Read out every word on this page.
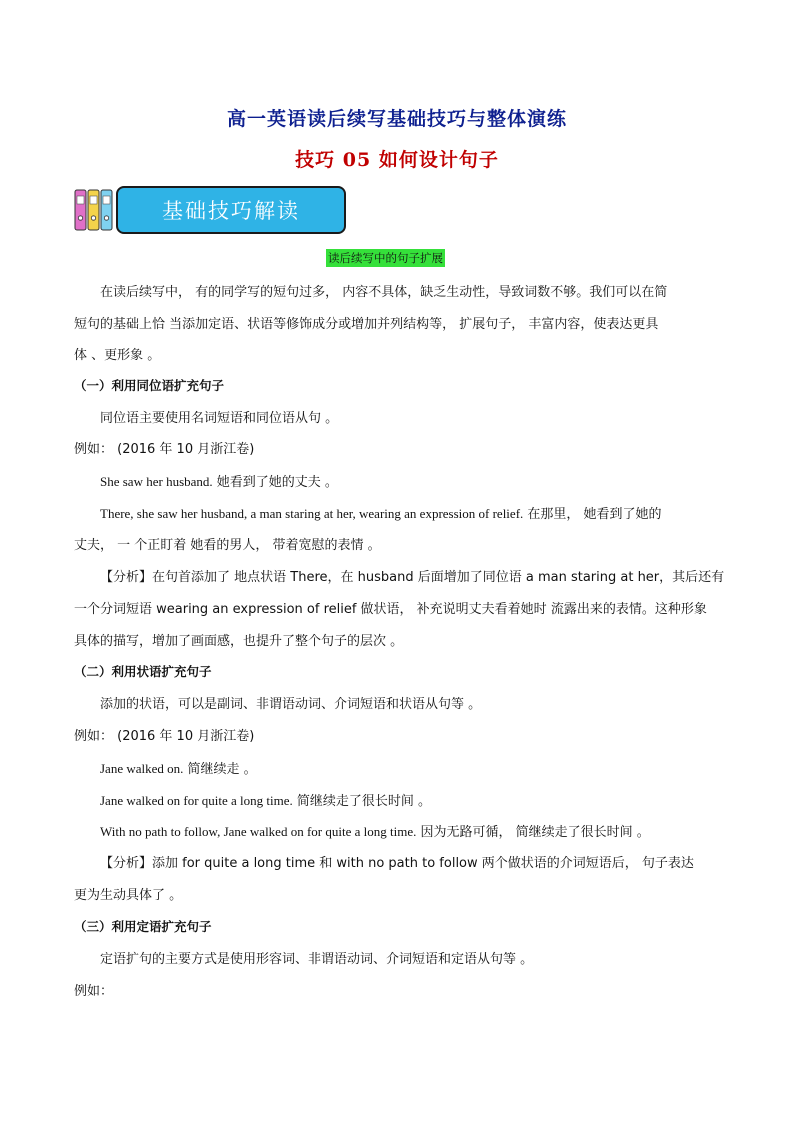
高一英语读后续写基础技巧与整体演练
技巧 05 如何设计句子
基础技巧解读
读后续写中的句子扩展
在读后续写中， 有的同学写的短句过多， 内容不具体，缺乏生动性，导致词数不够。我们可以在简
短句的基础上恰 当添加定语、状语等修饰成分或增加并列结构等， 扩展句子， 丰富内容，使表达更具
体 、更形象 。
（一）利用同位语扩充句子
同位语主要使用名词短语和同位语从句 。
例如： (2016 年 10 月浙江卷)
She saw her husband. 她看到了她的丈夫 。
There, she saw her husband, a man staring at her, wearing an expression of relief. 在那里， 她看到了她的
丈夫， 一 个正盯着 她看的男人， 带着宽慰的表情 。
【分析】在句首添加了 地点状语 There，在 husband 后面增加了同位语 a man staring at her，其后还有
一个分词短语 wearing an expression of relief 做状语， 补充说明丈夫看着她时 流露出来的表情。这种形象
具体的描写，增加了画面感，也提升了整个句子的层次 。
（二）利用状语扩充句子
添加的状语，可以是副词、非谓语动词、介词短语和状语从句等 。
例如： (2016 年 10 月浙江卷)
Jane walked on. 简继续走 。
Jane walked on for quite a long time. 简继续走了很长时间 。
With no path to follow, Jane walked on for quite a long time. 因为无路可循， 简继续走了很长时间 。
【分析】添加 for quite a long time 和 with no path to follow 两个做状语的介词短语后， 句子表达
更为生动具体了 。
（三）利用定语扩充句子
定语扩句的主要方式是使用形容词、非谓语动词、介词短语和定语从句等 。
例如：
